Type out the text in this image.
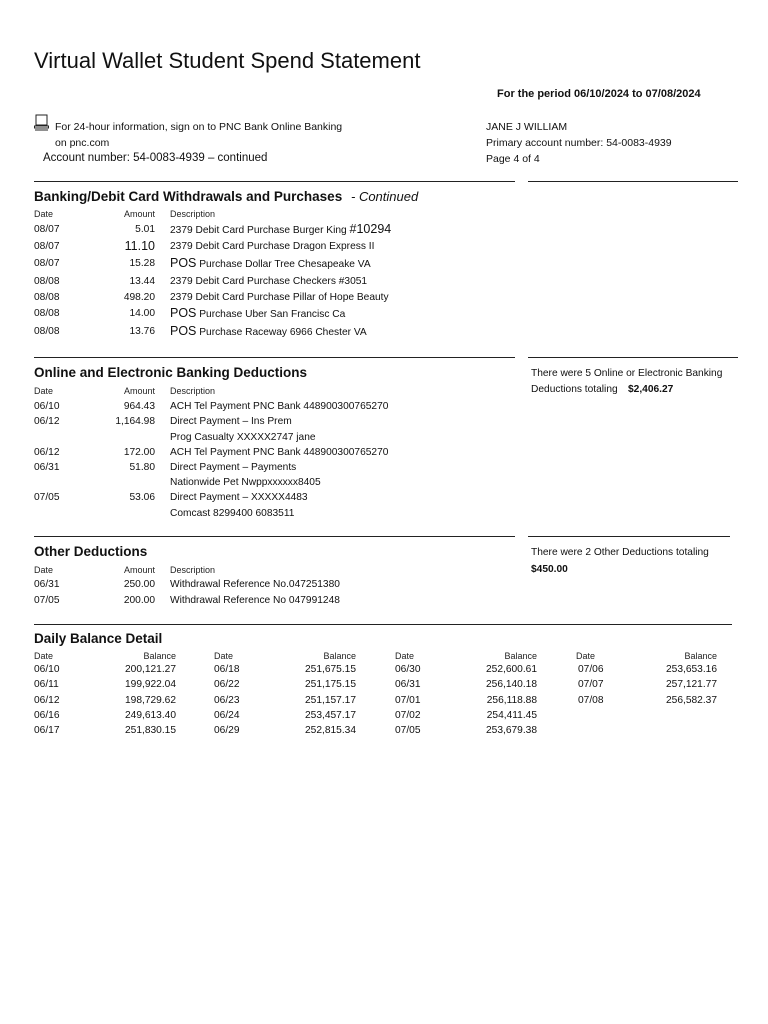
Virtual Wallet Student Spend Statement
For the period 06/10/2024 to 07/08/2024
For 24-hour information, sign on to PNC Bank Online Banking
on pnc.com
Account number: 54-0083-4939 – continued
JANE J WILLIAM
Primary account number: 54-0083-4939
Page 4 of 4
Banking/Debit Card Withdrawals and Purchases - Continued
Date	Amount Description
08/07	5.01 2379 Debit Card Purchase Burger King #10294
08/07	11.10 2379 Debit Card Purchase Dragon Express II
08/07	15.28 POS Purchase Dollar Tree Chesapeake VA
08/08	13.44 2379 Debit Card Purchase Checkers #3051
08/08	498.20 2379 Debit Card Purchase Pillar of Hope Beauty
08/08	14.00 POS Purchase Uber San Francisc Ca
08/08	13.76 POS Purchase Raceway 6966 Chester VA
Online and Electronic Banking Deductions	There were 5 Online or Electronic Banking
Deductions totaling $2,406.27
Date	Amount Description
06/10	964.43 ACH Tel Payment PNC Bank 448900300765270
06/12	1,164.98 Direct Payment – Ins Prem
Prog Casualty XXXXX2747 jane
06/12	172.00 ACH Tel Payment PNC Bank 448900300765270
06/31	51.80 Direct Payment – Payments
Nationwide Pet Nwppxxxxxx8405
07/05	53.06 Direct Payment – XXXXX4483
Comcast 8299400 6083511
Other Deductions	There were 2 Other Deductions totaling
$450.00
Date	Amount Description
06/31	250.00 Withdrawal Reference No.047251380
07/05	200.00 Withdrawal Reference No 047991248
Daily Balance Detail
Date	Balance
06/10	200,121.27
06/11	199,922.04
06/12	198,729.62
06/16	249,613.40
06/17	251,830.15
Date	Balance
06/18	251,675.15
06/22	251,175.15
06/23	251,157.17
06/24	253,457.17
06/29	252,815.34
Date	Balance
06/30	252,600.61
06/31	256,140.18
07/01	256,118.88
07/02	254,411.45
07/05	253,679.38
Date	Balance
07/06	253,653.16
07/07	257,121.77
07/08	256,582.37
